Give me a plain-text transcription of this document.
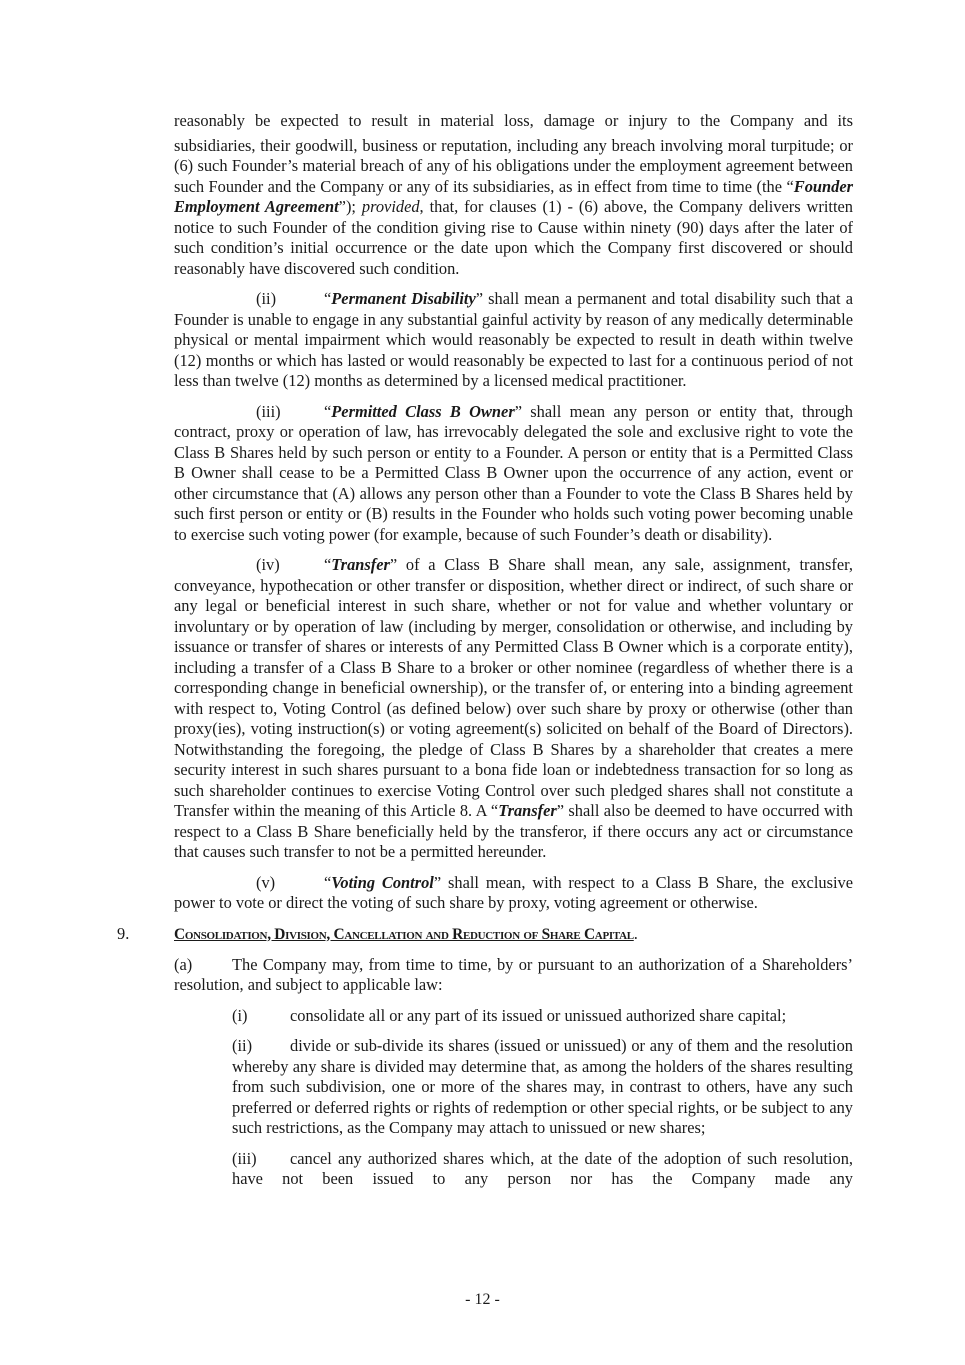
reasonably be expected to result in material loss, damage or injury to the Company and its
subsidiaries, their goodwill, business or reputation, including any breach involving moral turpitude; or (6) such Founder’s material breach of any of his obligations under the employment agreement between such Founder and the Company or any of its subsidiaries, as in effect from time to time (the “Founder Employment Agreement”); provided, that, for clauses (1) - (6) above, the Company delivers written notice to such Founder of the condition giving rise to Cause within ninety (90) days after the later of such condition’s initial occurrence or the date upon which the Company first discovered or should reasonably have discovered such condition.

(ii)	“Permanent Disability” shall mean a permanent and total disability such that a Founder is unable to engage in any substantial gainful activity by reason of any medically determinable physical or mental impairment which would reasonably be expected to result in death within twelve (12) months or which has lasted or would reasonably be expected to last for a continuous period of not less than twelve (12) months as determined by a licensed medical practitioner.

(iii)	“Permitted Class B Owner” shall mean any person or entity that, through contract, proxy or operation of law, has irrevocably delegated the sole and exclusive right to vote the Class B Shares held by such person or entity to a Founder. A person or entity that is a Permitted Class B Owner shall cease to be a Permitted Class B Owner upon the occurrence of any action, event or other circumstance that (A) allows any person other than a Founder to vote the Class B Shares held by such first person or entity or (B) results in the Founder who holds such voting power becoming unable to exercise such voting power (for example, because of such Founder’s death or disability).

(iv)	“Transfer” of a Class B Share shall mean, any sale, assignment, transfer, conveyance, hypothecation or other transfer or disposition, whether direct or indirect, of such share or any legal or beneficial interest in such share, whether or not for value and whether voluntary or involuntary or by operation of law (including by merger, consolidation or otherwise, and including by issuance or transfer of shares or interests of any Permitted Class B Owner which is a corporate entity), including a transfer of a Class B Share to a broker or other nominee (regardless of whether there is a corresponding change in beneficial ownership), or the transfer of, or entering into a binding agreement with respect to, Voting Control (as defined below) over such share by proxy or otherwise (other than proxy(ies), voting instruction(s) or voting agreement(s) solicited on behalf of the Board of Directors). Notwithstanding the foregoing, the pledge of Class B Shares by a shareholder that creates a mere security interest in such shares pursuant to a bona fide loan or indebtedness transaction for so long as such shareholder continues to exercise Voting Control over such pledged shares shall not constitute a Transfer within the meaning of this Article 8. A “Transfer” shall also be deemed to have occurred with respect to a Class B Share beneficially held by the transferor, if there occurs any act or circumstance that causes such transfer to not be a permitted hereunder.

(v)	“Voting Control” shall mean, with respect to a Class B Share, the exclusive power to vote or direct the voting of such share by proxy, voting agreement or otherwise.

9.	Consolidation, Division, Cancellation and Reduction of Share Capital.

(a) The Company may, from time to time, by or pursuant to an authorization of a Shareholders’ resolution, and subject to applicable law:

(i)	consolidate all or any part of its issued or unissued authorized share capital;

(ii) divide or sub-divide its shares (issued or unissued) or any of them and the resolution whereby any share is divided may determine that, as among the holders of the shares resulting from such subdivision, one or more of the shares may, in contrast to others, have any such preferred or deferred rights or rights of redemption or other special rights, or be subject to any such restrictions, as the Company may attach to unissued or new shares;

(iii) cancel any authorized shares which, at the date of the adoption of such resolution, have not been issued to any person nor has the Company made any

- 12 -
